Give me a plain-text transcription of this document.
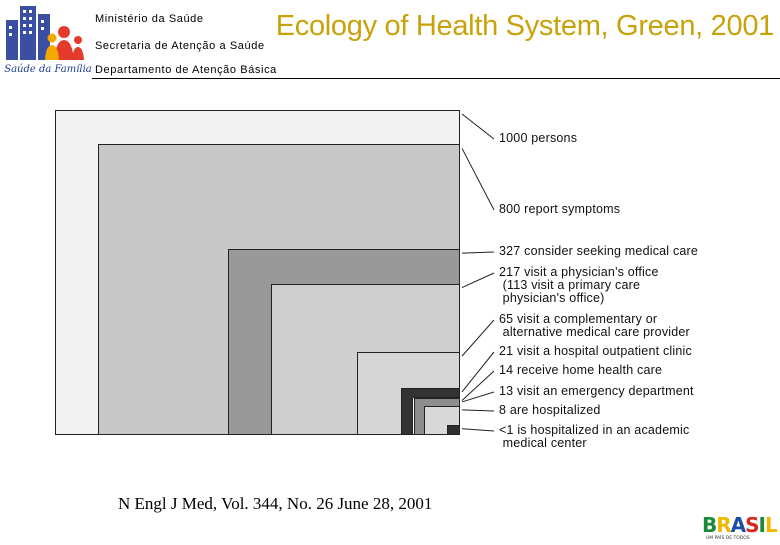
Saúde da Família
Ministério da Saúde
Secretaria de Atenção a Saúde
Departamento de Atenção Básica
Ecology of Health System, Green, 2001
1000 persons
800 report symptoms
327 consider seeking medical care
217 visit a physician's office
(113 visit a primary care
physician's office)
65 visit a complementary or
alternative medical care provider
21 visit a hospital outpatient clinic
14 receive home health care
13 visit an emergency department
8 are hospitalized
<1 is hospitalized in an academic
medical center
N Engl J Med, Vol. 344, No. 26 June 28, 2001
BRASIL
UM PAÍS DE TODOS
